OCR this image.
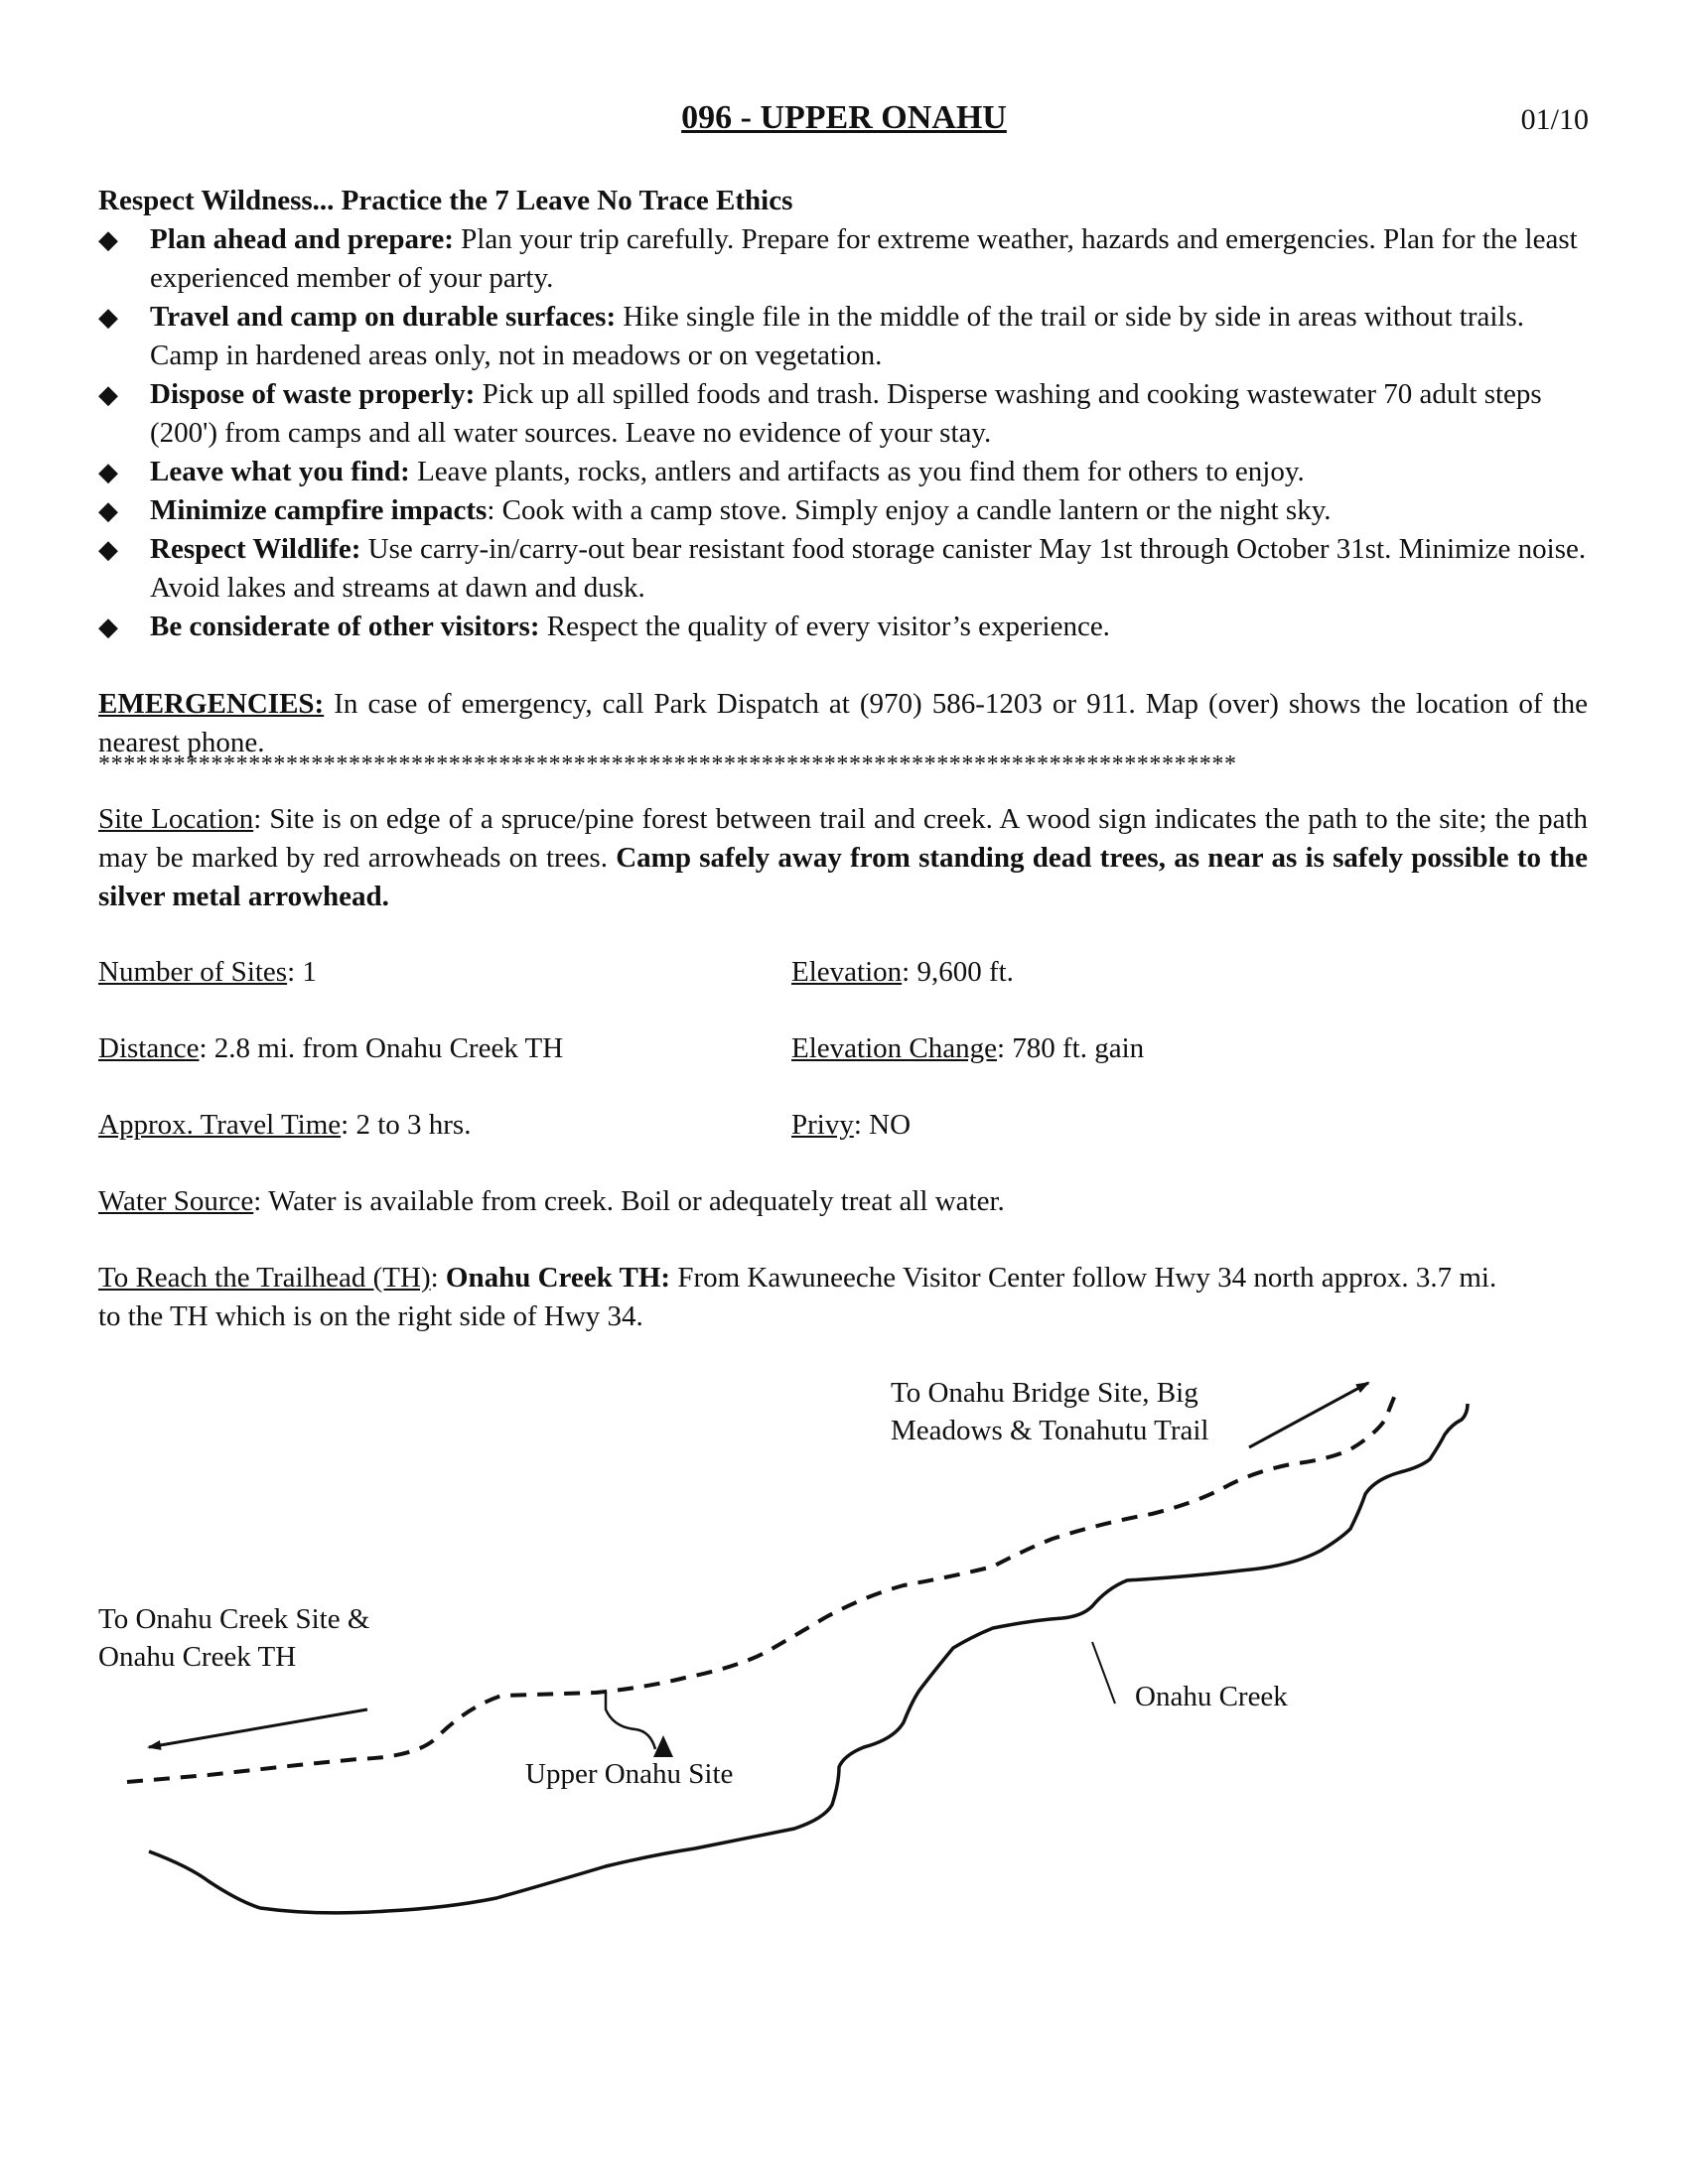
096 - UPPER ONAHU	01/10
Respect Wildness... Practice the 7 Leave No Trace Ethics
◆ Plan ahead and prepare: Plan your trip carefully. Prepare for extreme weather, hazards and emergencies. Plan for the least experienced member of your party.
◆ Travel and camp on durable surfaces: Hike single file in the middle of the trail or side by side in areas without trails. Camp in hardened areas only, not in meadows or on vegetation.
◆ Dispose of waste properly: Pick up all spilled foods and trash. Disperse washing and cooking wastewater 70 adult steps (200') from camps and all water sources. Leave no evidence of your stay.
◆ Leave what you find: Leave plants, rocks, antlers and artifacts as you find them for others to enjoy.
◆ Minimize campfire impacts: Cook with a camp stove. Simply enjoy a candle lantern or the night sky.
◆ Respect Wildlife: Use carry-in/carry-out bear resistant food storage canister May 1st through October 31st. Minimize noise. Avoid lakes and streams at dawn and dusk.
◆ Be considerate of other visitors: Respect the quality of every visitor’s experience.
EMERGENCIES: In case of emergency, call Park Dispatch at (970) 586-1203 or 911. Map (over) shows the location of the nearest phone.
*******************************************************************************************
Site Location: Site is on edge of a spruce/pine forest between trail and creek. A wood sign indicates the path to the site; the path may be marked by red arrowheads on trees. Camp safely away from standing dead trees, as near as is safely possible to the silver metal arrowhead.
Number of Sites: 1	Elevation: 9,600 ft.
Distance: 2.8 mi. from Onahu Creek TH	Elevation Change: 780 ft. gain
Approx. Travel Time: 2 to 3 hrs.	Privy: NO
Water Source: Water is available from creek. Boil or adequately treat all water.
To Reach the Trailhead (TH): Onahu Creek TH: From Kawuneeche Visitor Center follow Hwy 34 north approx. 3.7 mi. to the TH which is on the right side of Hwy 34.
To Onahu Bridge Site, Big
Meadows & Tonahutu Trail
To Onahu Creek Site &
Onahu Creek TH
Upper Onahu Site
Onahu Creek
